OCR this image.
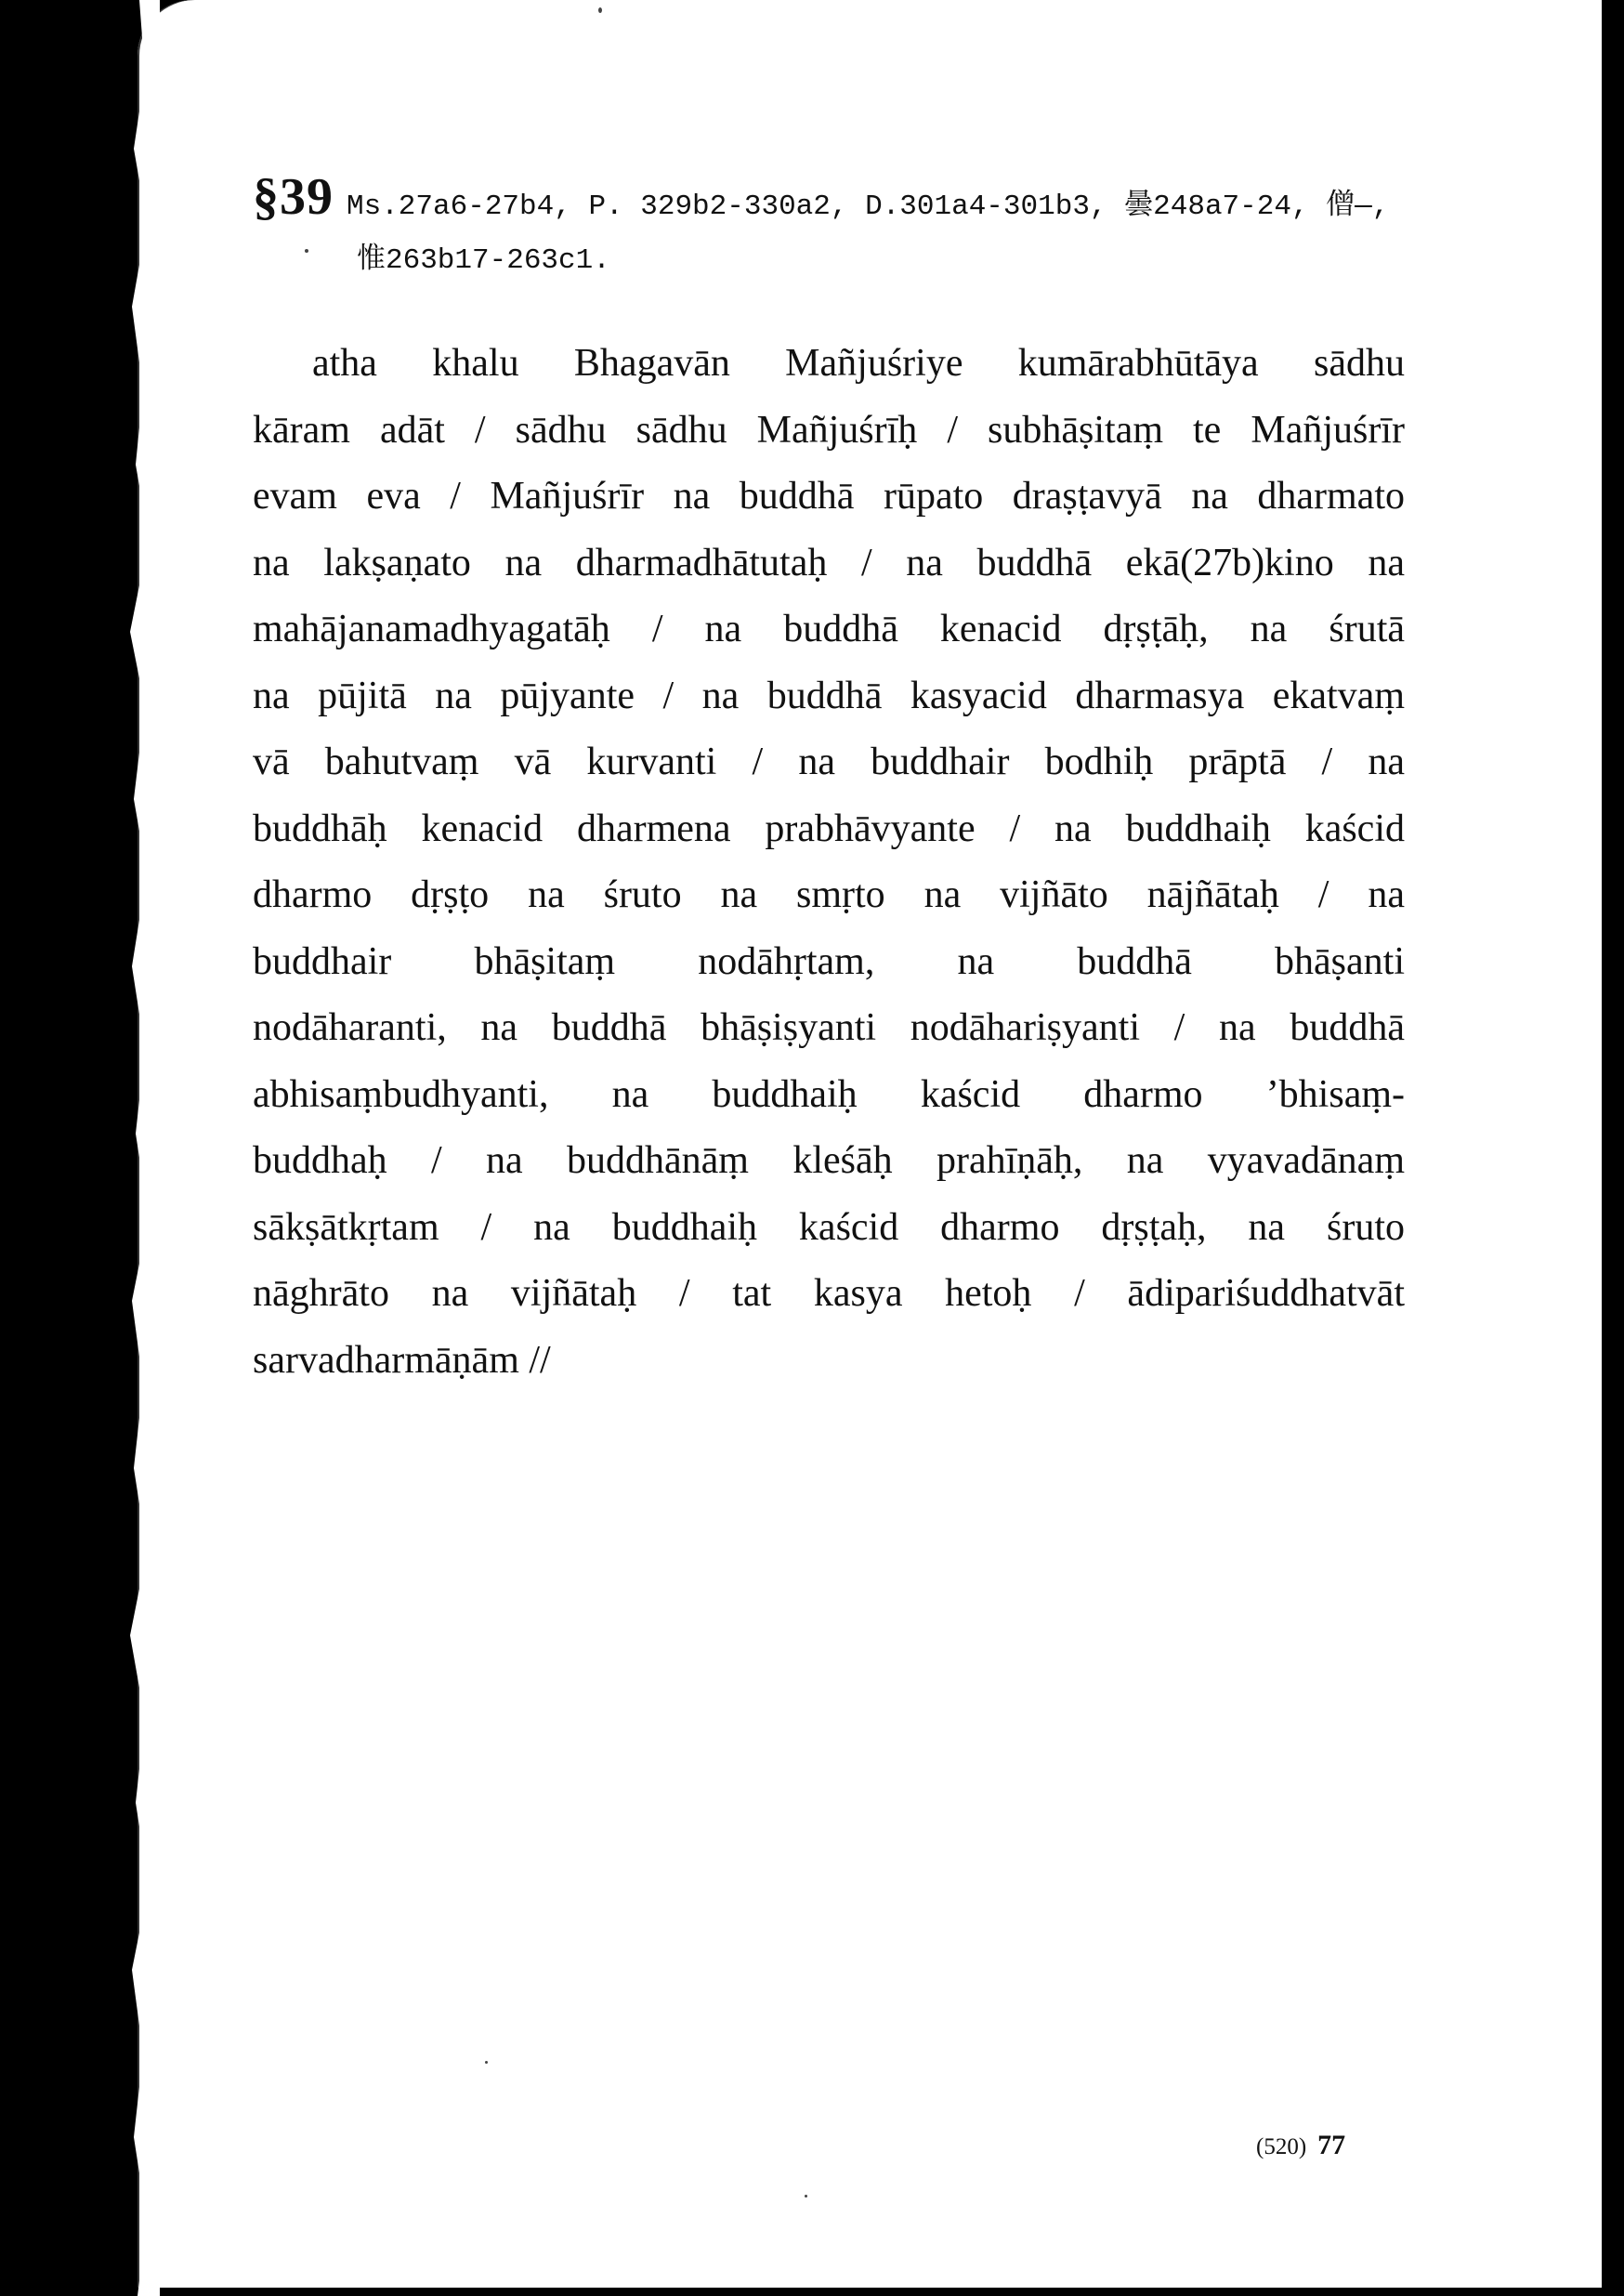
§39 Ms.27a6-27b4, P. 329b2-330a2, D.301a4-301b3, 曇248a7-24, 僧—,
惟263b17-263c1.
atha khalu Bhagavān Mañjuśriye kumārabhūtāya sādhu
kāram adāt / sādhu sādhu Mañjuśrīḥ / subhāṣitaṃ te Mañjuśrīr
evam eva / Mañjuśrīr na buddhā rūpato draṣṭavyā na dharmato
na lakṣaṇato na dharmadhātutaḥ / na buddhā ekā(27b)kino na
mahājanamadhyagatāḥ / na buddhā kenacid dṛṣṭāḥ, na śrutā
na pūjitā na pūjyante / na buddhā kasyacid dharmasya ekatvaṃ
vā bahutvaṃ vā kurvanti / na buddhair bodhiḥ prāptā / na
buddhāḥ kenacid dharmena prabhāvyante / na buddhaiḥ kaścid
dharmo dṛṣṭo na śruto na smṛto na vijñāto nājñātaḥ / na
buddhair bhāṣitaṃ nodāhṛtam, na buddhā bhāṣanti
nodāharanti, na buddhā bhāṣiṣyanti nodāhariṣyanti / na buddhā
abhisaṃbudhyanti, na buddhaiḥ kaścid dharmo ’bhisaṃ-
buddhaḥ / na buddhānāṃ kleśāḥ prahīṇāḥ, na vyavadānaṃ
sākṣātkṛtam / na buddhaiḥ kaścid dharmo dṛṣṭaḥ, na śruto
nāghrāto na vijñātaḥ / tat kasya hetoḥ / ādipariśuddhatvāt
sarvadharmāṇām //
(520) 77
